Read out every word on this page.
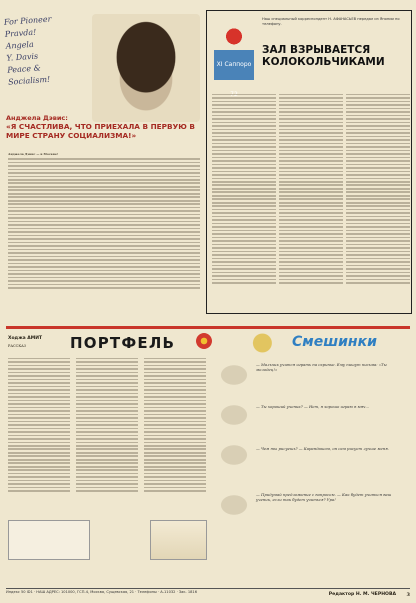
For Pioneer
Pravda!
Angela
Y. Davis
Peace &
Socialism!
Анджела Дэвис:
«Я СЧАСТЛИВА, ЧТО ПРИЕХАЛА В ПЕРВУЮ В МИРЕ СТРАНУ СОЦИАЛИЗМА!»
Анджела Дэвис — в Москве!
XI Саппоро
Наш специальный корреспондент Н. АФАНАСЬЕВ передал из Японии по телефону.
ЗАЛ ВЗРЫВАЕТСЯ КОЛОКОЛЬЧИКАМИ
Ходжа АМИТ
РАССКАЗ	ПОРТФЕЛЬ	Смешинки
— Мальчик учится играть на скрипке. Ему пишут письма: «Ты молодец!»
— Ты хороший ученик? — Нет, я хорошо играю в мяч...
— Чем ты рисуешь? — Карандашом, он сам рисует лучше меня.
— Придумай предложение с вопросом. — Как будет учиться ваш ученик, если так будет учиться? Ура!
Индекс 50 ID1 · НАШ АДРЕС: 101000, ГСП-4, Москва, Сущевская, 21 · Телефоны · А-11032 · Зак. 1816	Редактор Н. М. ЧЕРНОВА 3
